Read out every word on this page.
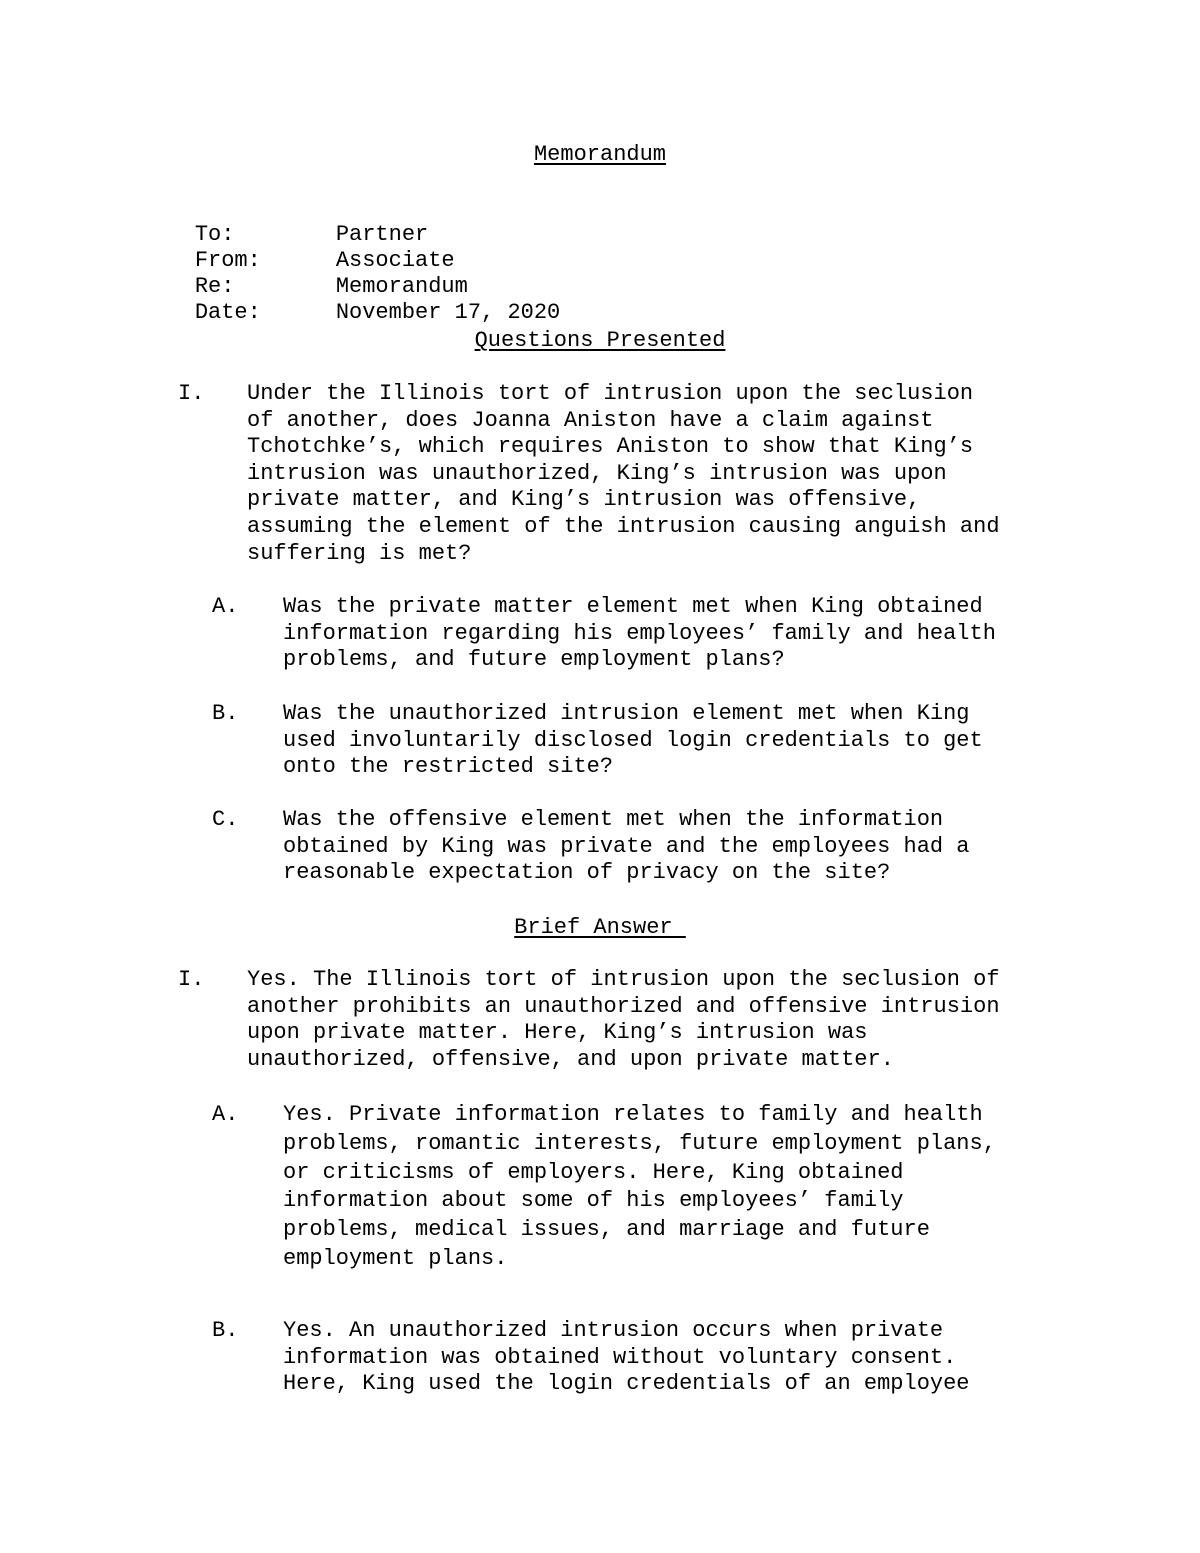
Memorandum

To:	Partner

From:	Associate

Re:	Memorandum

Date:	November 17, 2020

Questions Presented
I. Under the Illinois tort of intrusion upon the seclusion
of another, does Joanna Aniston have a claim against
Tchotchke’s, which requires Aniston to show that King’s
intrusion was unauthorized, King’s intrusion was upon
private matter, and King’s intrusion was offensive,
assuming the element of the intrusion causing anguish and
suffering is met?
A. Was the private matter element met when King obtained
information regarding his employees’ family and health
problems, and future employment plans?
B. Was the unauthorized intrusion element met when King
used involuntarily disclosed login credentials to get
onto the restricted site?
C. Was the offensive element met when the information
obtained by King was private and the employees had a
reasonable expectation of privacy on the site?
Brief Answer
I. Yes. The Illinois tort of intrusion upon the seclusion of
another prohibits an unauthorized and offensive intrusion
upon private matter. Here, King’s intrusion was
unauthorized, offensive, and upon private matter.
A. Yes. Private information relates to family and health
problems, romantic interests, future employment plans,
or criticisms of employers. Here, King obtained
information about some of his employees’ family
problems, medical issues, and marriage and future
employment plans.
B. Yes. An unauthorized intrusion occurs when private
information was obtained without voluntary consent.
Here, King used the login credentials of an employee
